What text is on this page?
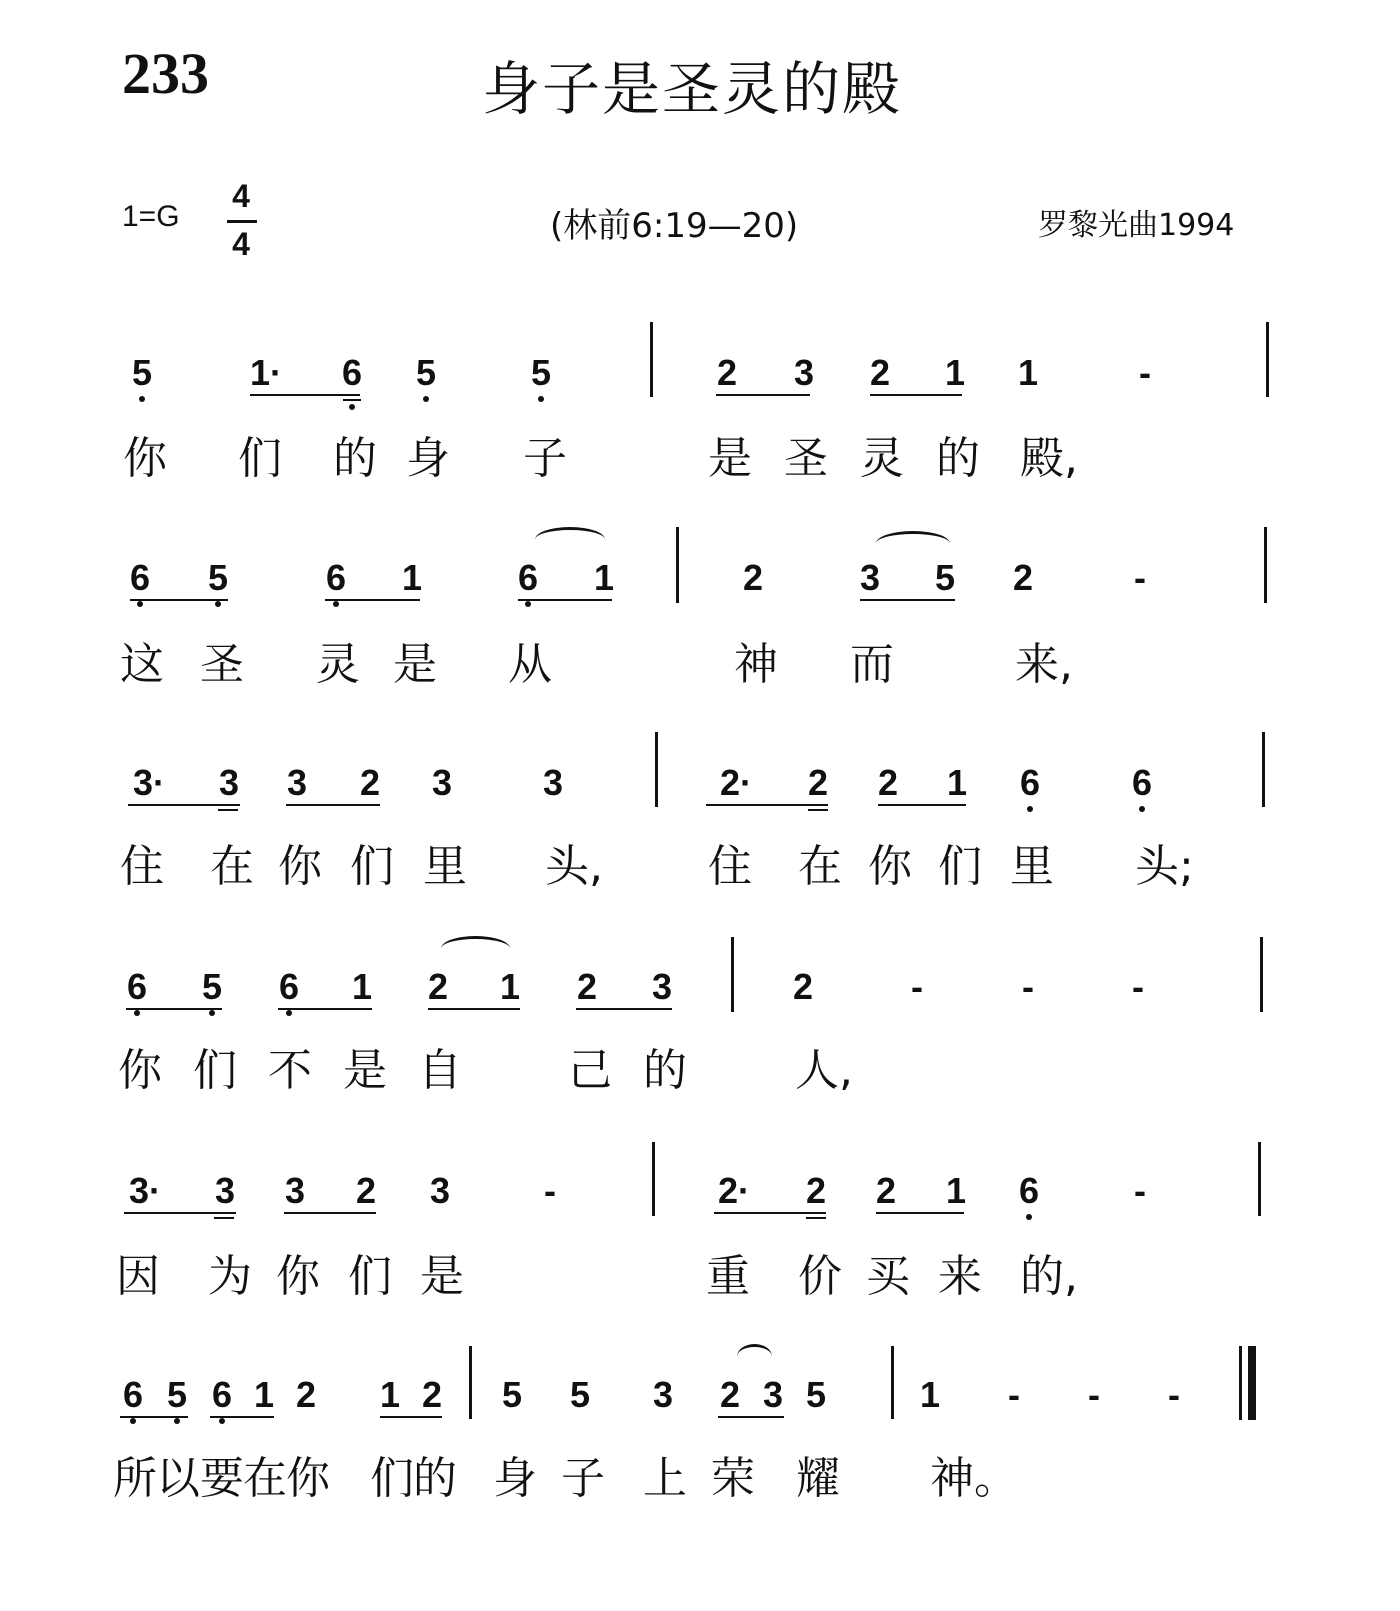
233	身子是圣灵的殿
1=G
4
4	(林前6:19—20)	罗黎光曲1994
5	1· 6 5	5	2 3 2 1 1	-
你 们 的 身 子	是 圣 灵 的 殿,
6 5	6 1	6 1	2	3 5 2	-
这 圣 灵 是 从	神 而	来,
3· 3 3 2 3	3	2· 2 2 1 6	6
住 在 你 们 里 头, 住 在 你 们 里 头;
6 5 6 1 2 1 2 3	2	-	-	-
你 们 不 是 自 己 的 人,
3· 3 3 2 3	-	2· 2 2 1 6	-
因 为 你 们 是	重 价 买 来 的,
6 5 6 1 2 1 2 5 5 3 2 3 5	1 - - -
所 以 要 在 你 们 的 身 子 上 荣 耀 神。
